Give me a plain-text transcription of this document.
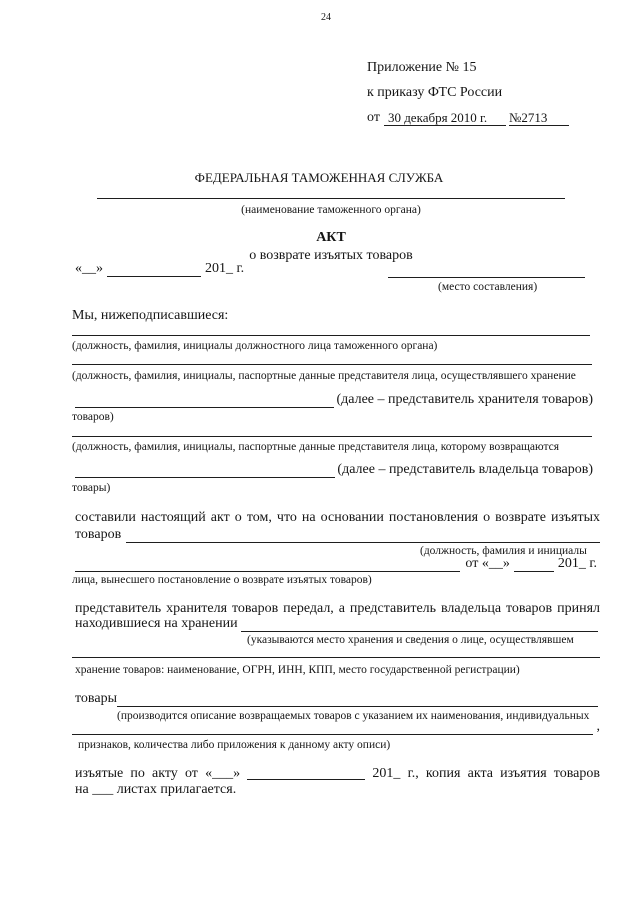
24
Приложение № 15
к приказу ФТС России
от 30 декабря 2010 г.	№2713
ФЕДЕРАЛЬНАЯ ТАМОЖЕННАЯ СЛУЖБА
(наименование таможенного органа)
АКТ
о возврате изъятых товаров
«__»	201_ г.
(место составления)
Мы, нижеподписавшиеся:
(должность, фамилия, инициалы должностного лица таможенного органа)
(должность, фамилия, инициалы, паспортные данные представителя лица, осуществлявшего хранение
(далее – представитель хранителя товаров)
товаров)
(должность, фамилия, инициалы, паспортные данные представителя лица, которому возвращаются
(далее – представитель владельца товаров)
товары)
составили настоящий акт о том, что на основании постановления о возврате изъятых
товаров
(должность, фамилия и инициалы
от «__»	201_ г.
лица, вынесшего постановление о возврате изъятых товаров)
представитель хранителя товаров передал, а представитель владельца товаров принял
находившиеся на хранении
(указываются место хранения и сведения о лице, осуществлявшем
хранение товаров: наименование, ОГРН, ИНН, КПП, место государственной регистрации)
товары
(производится описание возвращаемых товаров с указанием их наименования, индивидуальных
,
признаков, количества либо приложения к данному акту описи)
изъятые по акту от «___»	201_ г., копия акта изъятия товаров
на ___ листах прилагается.
